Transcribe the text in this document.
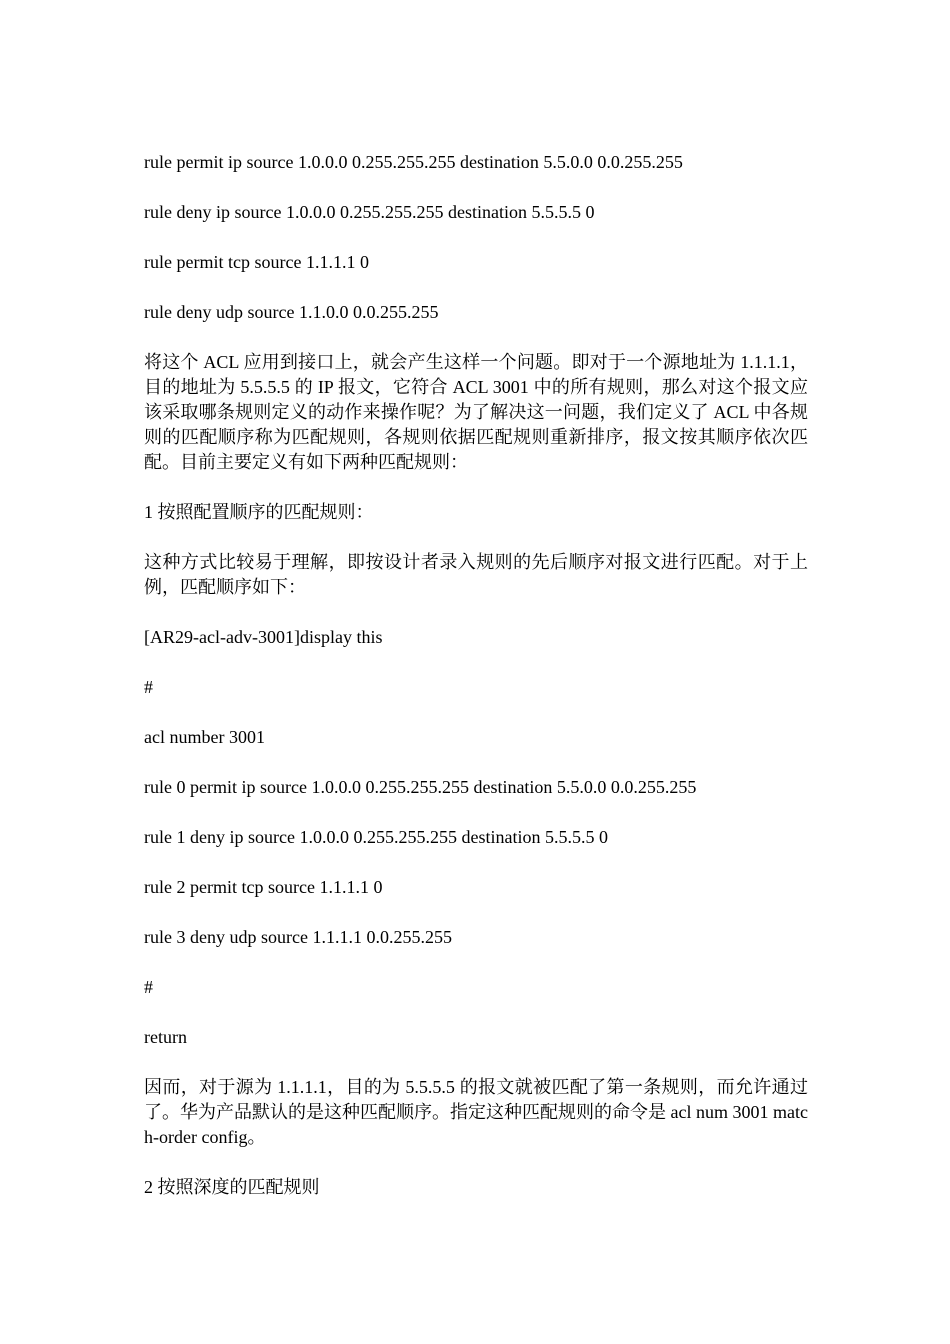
rule permit ip source 1.0.0.0 0.255.255.255 destination 5.5.0.0 0.0.255.255

rule deny ip source 1.0.0.0 0.255.255.255 destination 5.5.5.5 0

rule permit tcp source 1.1.1.1 0

rule deny udp source 1.1.0.0 0.0.255.255

将这个 ACL 应用到接口上，就会产生这样一个问题。即对于一个源地址为 1.1.1.1，目的地址为 5.5.5.5 的 IP 报文，它符合 ACL 3001 中的所有规则，那么对这个报文应该采取哪条规则定义的动作来操作呢？为了解决这一问题，我们定义了 ACL 中各规则的匹配顺序称为匹配规则，各规则依据匹配规则重新排序，报文按其顺序依次匹配。目前主要定义有如下两种匹配规则：

1 按照配置顺序的匹配规则：

这种方式比较易于理解，即按设计者录入规则的先后顺序对报文进行匹配。对于上例，匹配顺序如下：

[AR29-acl-adv-3001]display this

#

acl number 3001

rule 0 permit ip source 1.0.0.0 0.255.255.255 destination 5.5.0.0 0.0.255.255

rule 1 deny ip source 1.0.0.0 0.255.255.255 destination 5.5.5.5 0

rule 2 permit tcp source 1.1.1.1 0

rule 3 deny udp source 1.1.1.1 0.0.255.255

#

return

因而，对于源为 1.1.1.1，目的为 5.5.5.5 的报文就被匹配了第一条规则，而允许通过了。华为产品默认的是这种匹配顺序。指定这种匹配规则的命令是 acl num 3001 match-order config。

2 按照深度的匹配规则
